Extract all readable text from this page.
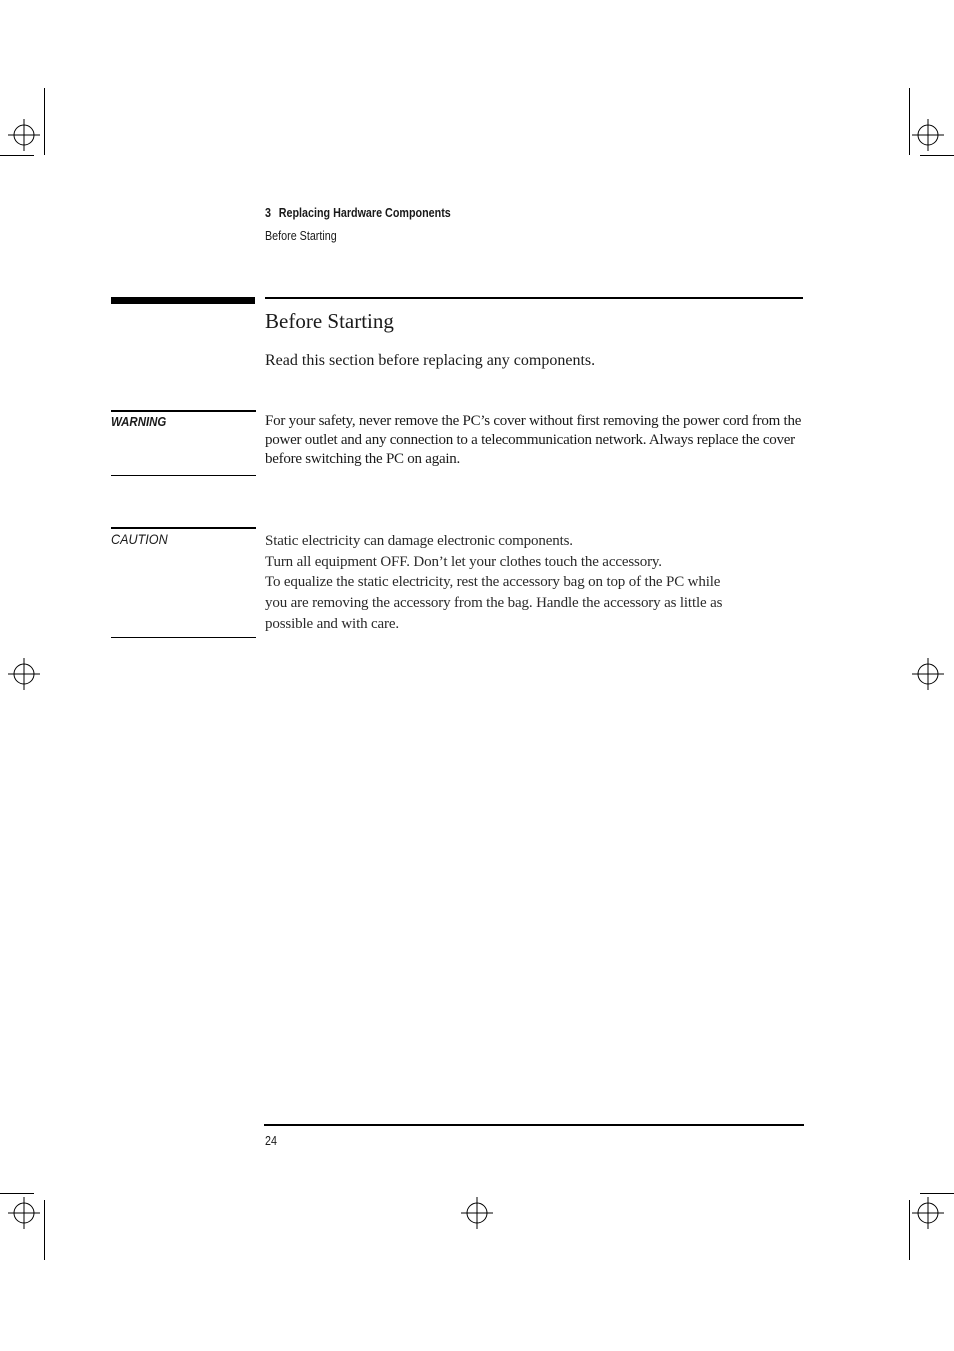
3 Replacing Hardware Components
Before Starting
Before Starting
Read this section before replacing any components.
WARNING	For your safety, never remove the PC’s cover without first removing the power cord from the power outlet and any connection to a telecommunication network. Always replace the cover before switching the PC on again.
CAUTION	Static electricity can damage electronic components.
Turn all equipment OFF. Don’t let your clothes touch the accessory.
To equalize the static electricity, rest the accessory bag on top of the PC while
you are removing the accessory from the bag. Handle the accessory as little as
possible and with care.
24
